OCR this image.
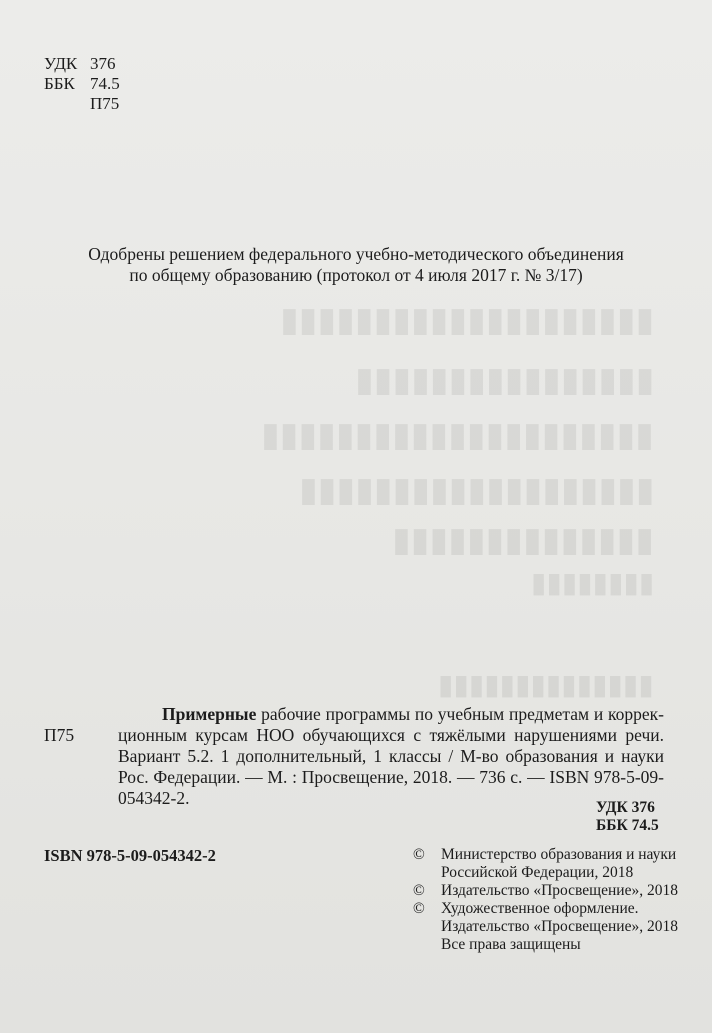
▮▮▮▮▮▮▮▮▮▮▮▮▮▮▮▮▮▮▮▮
▮▮▮▮▮▮▮▮▮▮▮▮▮▮▮▮
▮▮▮▮▮▮▮▮▮▮▮▮▮▮▮▮▮▮▮▮▮
▮▮▮▮▮▮▮▮▮▮▮▮▮▮▮▮▮▮▮
▮▮▮▮▮▮▮▮▮▮▮▮▮▮
▮▮▮▮▮▮▮▮
▮▮▮▮▮▮▮▮▮▮▮▮▮▮
УДК 376
ББК 74.5
П75
Одобрены решением федерального учебно-методического объединения
по общему образованию (протокол от 4 июля 2017 г. № 3/17)
П75
Примерные рабочие программы по учебным предметам и коррек-
ционным курсам НОО обучающихся с тяжёлыми нарушениями речи.
Вариант 5.2. 1 дополнительный, 1 классы / М-во образования и науки
Рос. Федерации. — М. : Просвещение, 2018. — 736 с. — ISBN 978-5-09-
054342-2.	УДК 376
ББК 74.5
ISBN 978-5-09-054342-2	©	Министерство образования и науки
Российской Федерации, 2018
©	Издательство «Просвещение», 2018
©	Художественное оформление.
Издательство «Просвещение», 2018
Все права защищены
